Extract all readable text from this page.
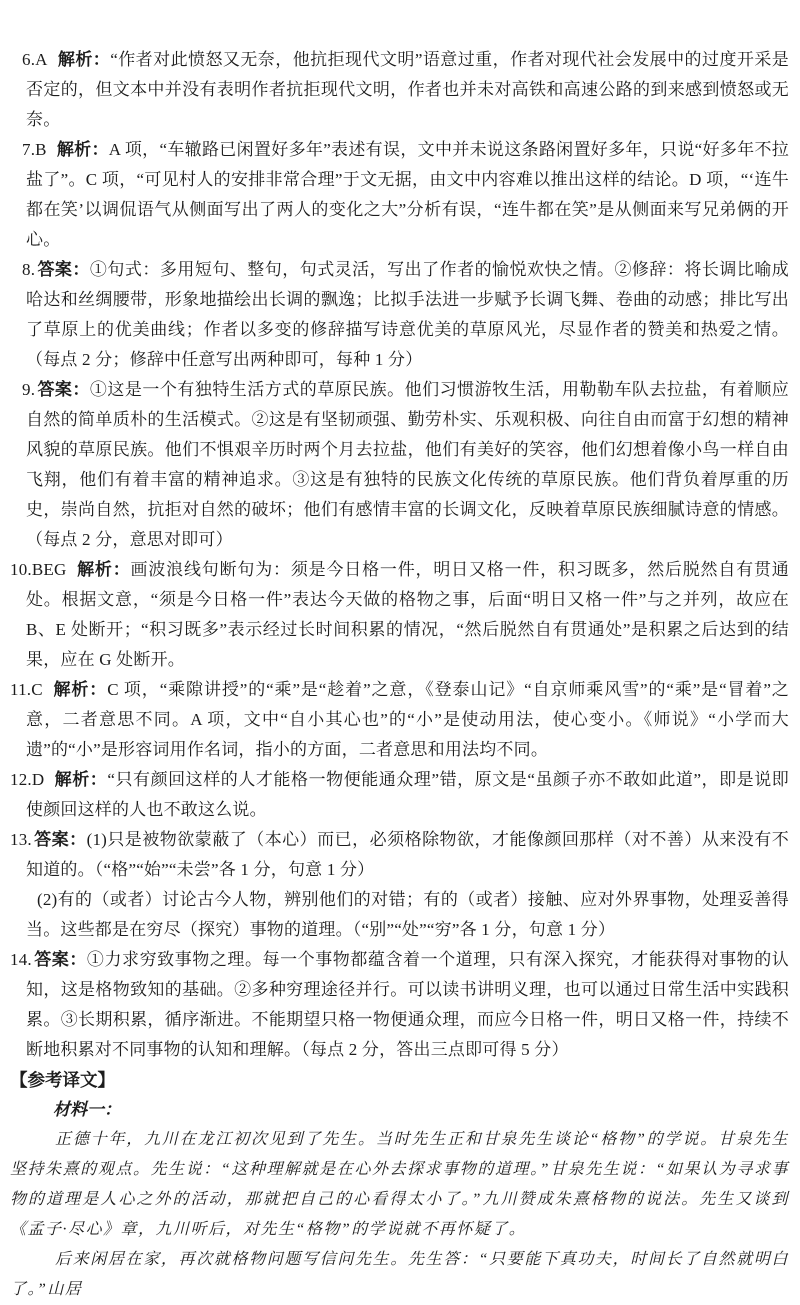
6.A 解析：“作者对此愤怒又无奈，他抗拒现代文明”语意过重，作者对现代社会发展中的过度开采是否定的，但文本中并没有表明作者抗拒现代文明，作者也并未对高铁和高速公路的到来感到愤怒或无奈。

7.B 解析：A 项，“车辙路已闲置好多年”表述有误，文中并未说这条路闲置好多年，只说“好多年不拉盐了”。C 项，“可见村人的安排非常合理”于文无据，由文中内容难以推出这样的结论。D 项，“‘连牛都在笑’以调侃语气从侧面写出了两人的变化之大”分析有误，“连牛都在笑”是从侧面来写兄弟俩的开心。

8. 答案：①句式：多用短句、整句，句式灵活，写出了作者的愉悦欢快之情。②修辞：将长调比喻成哈达和丝绸腰带，形象地描绘出长调的飘逸；比拟手法进一步赋予长调飞舞、卷曲的动感；排比写出了草原上的优美曲线；作者以多变的修辞描写诗意优美的草原风光，尽显作者的赞美和热爱之情。（每点 2 分；修辞中任意写出两种即可，每种 1 分）

9. 答案：①这是一个有独特生活方式的草原民族。他们习惯游牧生活，用勒勒车队去拉盐，有着顺应自然的简单质朴的生活模式。②这是有坚韧顽强、勤劳朴实、乐观积极、向往自由而富于幻想的精神风貌的草原民族。他们不惧艰辛历时两个月去拉盐，他们有美好的笑容，他们幻想着像小鸟一样自由飞翔，他们有着丰富的精神追求。③这是有独特的民族文化传统的草原民族。他们背负着厚重的历史，崇尚自然，抗拒对自然的破坏；他们有感情丰富的长调文化，反映着草原民族细腻诗意的情感。（每点 2 分，意思对即可）

10.BEG 解析：画波浪线句断句为：须是今日格一件，明日又格一件，积习既多，然后脱然自有贯通处。根据文意，“须是今日格一件”表达今天做的格物之事，后面“明日又格一件”与之并列，故应在 B、E 处断开；“积习既多”表示经过长时间积累的情况，“然后脱然自有贯通处”是积累之后达到的结果，应在 G 处断开。

11.C 解析：C 项，“乘隙讲授”的“乘”是“趁着”之意，《登泰山记》“自京师乘风雪”的“乘”是“冒着”之意，二者意思不同。A 项，文中“自小其心也”的“小”是使动用法，使心变小。《师说》“小学而大遗”的“小”是形容词用作名词，指小的方面，二者意思和用法均不同。

12.D 解析：“只有颜回这样的人才能格一物便能通众理”错，原文是“虽颜子亦不敢如此道”，即是说即使颜回这样的人也不敢这么说。

13. 答案：(1)只是被物欲蒙蔽了（本心）而已，必须格除物欲，才能像颜回那样（对不善）从来没有不知道的。（“格”“始”“未尝”各 1 分，句意 1 分）

(2)有的（或者）讨论古今人物，辨别他们的对错；有的（或者）接触、应对外界事物，处理妥善得当。这些都是在穷尽（探究）事物的道理。（“别”“处”“穷”各 1 分，句意 1 分）

14. 答案：①力求穷致事物之理。每一个事物都蕴含着一个道理，只有深入探究，才能获得对事物的认知，这是格物致知的基础。②多种穷理途径并行。可以读书讲明义理，也可以通过日常生活中实践积累。③长期积累，循序渐进。不能期望只格一物便通众理，而应今日格一件，明日又格一件，持续不断地积累对不同事物的认知和理解。（每点 2 分，答出三点即可得 5 分）

【参考译文】

材料一：

正德十年，九川在龙江初次见到了先生。当时先生正和甘泉先生谈论“格物”的学说。甘泉先生坚持朱熹的观点。先生说：“这种理解就是在心外去探求事物的道理。”甘泉先生说：“如果认为寻求事物的道理是人心之外的活动，那就把自己的心看得太小了。”九川赞成朱熹格物的说法。先生又谈到《孟子·尽心》章，九川听后，对先生“格物”的学说就不再怀疑了。

后来闲居在家，再次就格物问题写信问先生。先生答：“只要能下真功夫，时间长了自然就明白了。”山居
